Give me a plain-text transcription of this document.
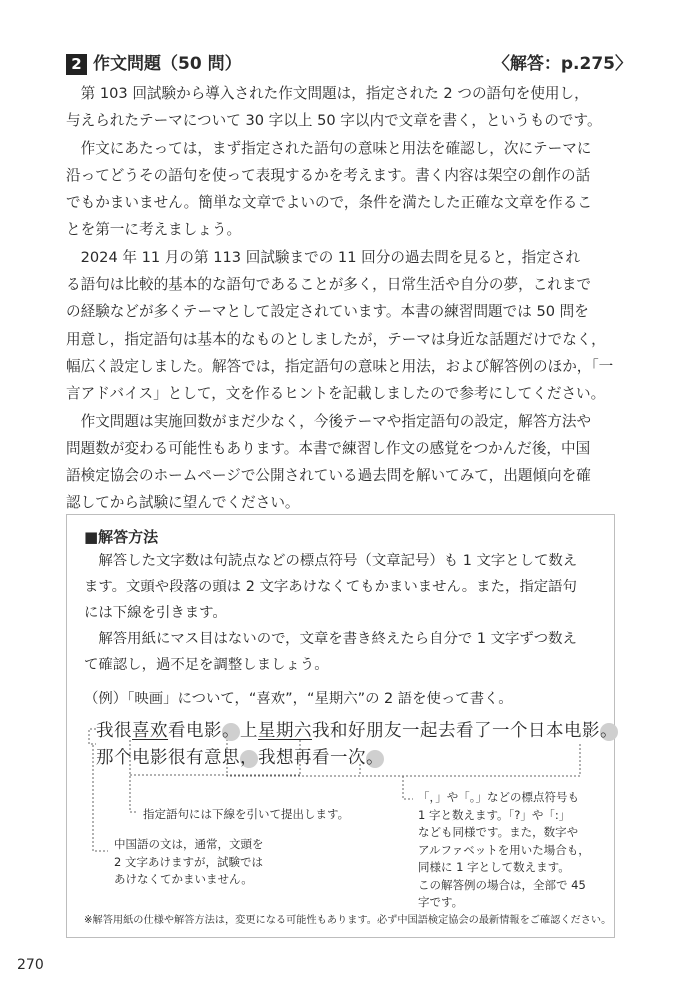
2 作文問題（50 問）	〈解答：p.275〉

第 103 回試験から導入された作文問題は，指定された 2 つの語句を使用し，
与えられたテーマについて 30 字以上 50 字以内で文章を書く，というものです。

作文にあたっては，まず指定された語句の意味と用法を確認し，次にテーマに
沿ってどうその語句を使って表現するかを考えます。書く内容は架空の創作の話
でもかまいません。簡単な文章でよいので，条件を満たした正確な文章を作るこ
とを第一に考えましょう。

2024 年 11 月の第 113 回試験までの 11 回分の過去問を見ると，指定され
る語句は比較的基本的な語句であることが多く，日常生活や自分の夢，これまで
の経験などが多くテーマとして設定されています。本書の練習問題では 50 問を
用意し，指定語句は基本的なものとしましたが，テーマは身近な話題だけでなく，
幅広く設定しました。解答では，指定語句の意味と用法，および解答例のほか，「一
言アドバイス」として，文を作るヒントを記載しましたので参考にしてください。

作文問題は実施回数がまだ少なく，今後テーマや指定語句の設定，解答方法や
問題数が変わる可能性もあります。本書で練習し作文の感覚をつかんだ後，中国
語検定協会のホームページで公開されている過去問を解いてみて，出題傾向を確
認してから試験に望んでください。

■解答方法

解答した文字数は句読点などの標点符号（文章記号）も 1 文字として数え
ます。文頭や段落の頭は 2 文字あけなくてもかまいません。また，指定語句
には下線を引きます。

解答用紙にマス目はないので，文章を書き終えたら自分で 1 文字ずつ数え
て確認し，過不足を調整しましょう。

（例）「映画」について，“喜欢”，“星期六”の 2 語を使って書く。
我很喜欢看电影。上星期六我和好朋友一起去看了一个日本电影。
那个电影很有意思，我想再看一次。
指定語句には下線を引いて提出します。
中国語の文は，通常，文頭を
2 文字あけますが，試験では
あけなくてかまいません。
「，」や「。」などの標点符号も
1 字と数えます。「?」や「:」
なども同様です。また，数字や
アルファベットを用いた場合も，
同様に 1 字として数えます。
この解答例の場合は，全部で 45
字です。
※解答用紙の仕様や解答方法は，変更になる可能性もあります。必ず中国語検定協会の最新情報をご確認ください。
270
